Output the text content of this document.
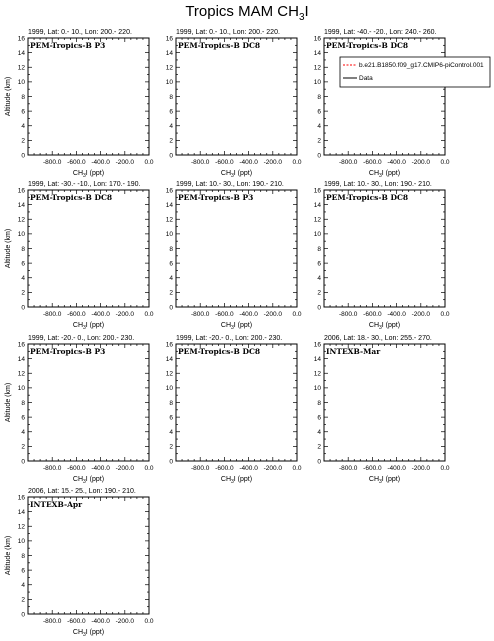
Tropics MAM $CH_3I$
1999, Lat: 0.- 10., Lon: 200.- 220.
PEM-Tropics-B P3
0
2
4
6
8
10
12
14
16
-800.0 -600.0 -400.0 -200.0 0.0
$CH_3I$ (ppt)
Altitude (km)
1999, Lat: 0.- 10., Lon: 200.- 220.
PEM-Tropics-B DC8
0
2
4
6
8
10
12
14
16
-800.0 -600.0 -400.0 -200.0 0.0
$CH_3I$ (ppt)
1999, Lat: -40.- -20., Lon: 240.- 260.
PEM-Tropics-B DC8
0
2
4
6
8
10
12
14
16
-800.0 -600.0 -400.0 -200.0 0.0
$CH_3I$ (ppt)
b.e21.B1850.f09_g17.CMIP6-piControl.001
Data
1999, Lat: -30.- -10., Lon: 170.- 190.
PEM-Tropics-B DC8
0
2
4
6
8
10
12
14
16
-800.0 -600.0 -400.0 -200.0 0.0
$CH_3I$ (ppt)
Altitude (km)
1999, Lat: 10.- 30., Lon: 190.- 210.
PEM-Tropics-B P3
0
2
4
6
8
10
12
14
16
-800.0 -600.0 -400.0 -200.0 0.0
$CH_3I$ (ppt)
1999, Lat: 10.- 30., Lon: 190.- 210.
PEM-Tropics-B DC8
0
2
4
6
8
10
12
14
16
-800.0 -600.0 -400.0 -200.0 0.0
$CH_3I$ (ppt)
1999, Lat: -20.- 0., Lon: 200.- 230.
PEM-Tropics-B P3
0
2
4
6
8
10
12
14
16
-800.0 -600.0 -400.0 -200.0 0.0
$CH_3I$ (ppt)
Altitude (km)
1999, Lat: -20.- 0., Lon: 200.- 230.
PEM-Tropics-B DC8
0
2
4
6
8
10
12
14
16
-800.0 -600.0 -400.0 -200.0 0.0
$CH_3I$ (ppt)
2006, Lat: 18.- 30., Lon: 255.- 270.
INTEXB-Mar
0
2
4
6
8
10
12
14
16
-800.0 -600.0 -400.0 -200.0 0.0
$CH_3I$ (ppt)
2006, Lat: 15.- 25., Lon: 190.- 210.
INTEXB-Apr
0
2
4
6
8
10
12
14
16
-800.0 -600.0 -400.0 -200.0 0.0
$CH_3I$ (ppt)
Altitude (km)
